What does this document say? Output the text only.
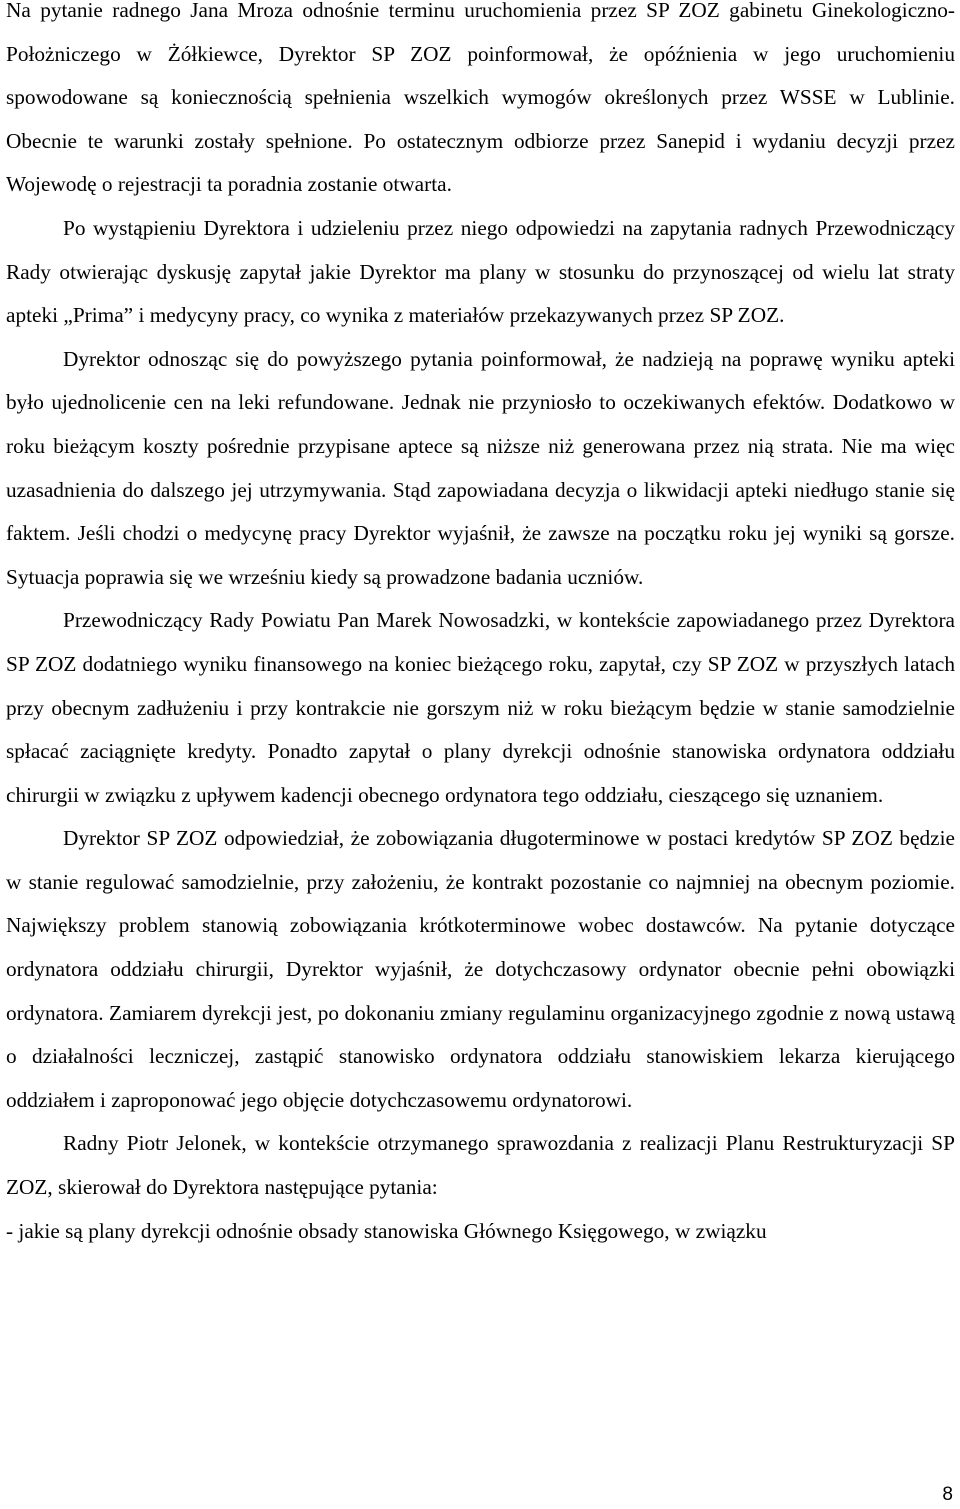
Na pytanie radnego Jana Mroza odnośnie terminu uruchomienia przez SP ZOZ gabinetu Ginekologiczno-Położniczego w Żółkiewce, Dyrektor SP ZOZ poinformował, że opóźnienia w jego uruchomieniu spowodowane są koniecznością spełnienia wszelkich wymogów określonych przez WSSE w Lublinie. Obecnie te warunki zostały spełnione. Po ostatecznym odbiorze przez Sanepid i wydaniu decyzji przez Wojewodę o rejestracji ta poradnia zostanie otwarta.

Po wystąpieniu Dyrektora i udzieleniu przez niego odpowiedzi na zapytania radnych Przewodniczący Rady otwierając dyskusję zapytał jakie Dyrektor ma plany w stosunku do przynoszącej od wielu lat straty apteki „Prima” i medycyny pracy, co wynika z materiałów przekazywanych przez SP ZOZ.

Dyrektor odnosząc się do powyższego pytania poinformował, że nadzieją na poprawę wyniku apteki było ujednolicenie cen na leki refundowane. Jednak nie przyniosło to oczekiwanych efektów. Dodatkowo w roku bieżącym koszty pośrednie przypisane aptece są niższe niż generowana przez nią strata. Nie ma więc uzasadnienia do dalszego jej utrzymywania. Stąd zapowiadana decyzja o likwidacji apteki niedługo stanie się faktem. Jeśli chodzi o medycynę pracy Dyrektor wyjaśnił, że zawsze na początku roku jej wyniki są gorsze. Sytuacja poprawia się we wrześniu kiedy są prowadzone badania uczniów.

Przewodniczący Rady Powiatu Pan Marek Nowosadzki, w kontekście zapowiadanego przez Dyrektora SP ZOZ dodatniego wyniku finansowego na koniec bieżącego roku, zapytał, czy SP ZOZ w przyszłych latach przy obecnym zadłużeniu i przy kontrakcie nie gorszym niż w roku bieżącym będzie w stanie samodzielnie spłacać zaciągnięte kredyty. Ponadto zapytał o plany dyrekcji odnośnie stanowiska ordynatora oddziału chirurgii w związku z upływem kadencji obecnego ordynatora tego oddziału, cieszącego się uznaniem.

Dyrektor SP ZOZ odpowiedział, że zobowiązania długoterminowe w postaci kredytów SP ZOZ będzie w stanie regulować samodzielnie, przy założeniu, że kontrakt pozostanie co najmniej na obecnym poziomie. Największy problem stanowią zobowiązania krótkoterminowe wobec dostawców. Na pytanie dotyczące ordynatora oddziału chirurgii, Dyrektor wyjaśnił, że dotychczasowy ordynator obecnie pełni obowiązki ordynatora. Zamiarem dyrekcji jest, po dokonaniu zmiany regulaminu organizacyjnego zgodnie z nową ustawą o działalności leczniczej, zastąpić stanowisko ordynatora oddziału stanowiskiem lekarza kierującego oddziałem i zaproponować jego objęcie dotychczasowemu ordynatorowi.

Radny Piotr Jelonek, w kontekście otrzymanego sprawozdania z realizacji Planu Restrukturyzacji SP ZOZ, skierował do Dyrektora następujące pytania:

- jakie są plany dyrekcji odnośnie obsady stanowiska Głównego Księgowego, w związku

8
